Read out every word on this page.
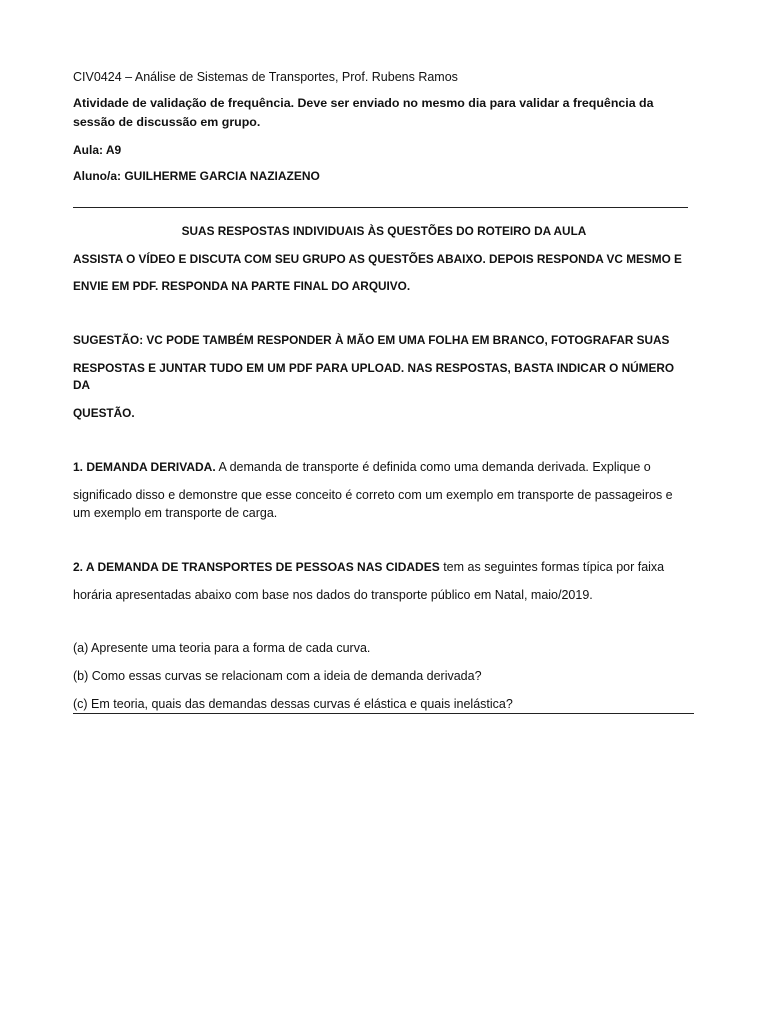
CIV0424 – Análise de Sistemas de Transportes, Prof. Rubens Ramos
Atividade de validação de frequência. Deve ser enviado no mesmo dia para validar a frequência da
sessão de discussão em grupo.
Aula: A9
Aluno/a: GUILHERME GARCIA NAZIAZENO
SUAS RESPOSTAS INDIVIDUAIS ÀS QUESTÕES DO ROTEIRO DA AULA
ASSISTA O VÍDEO E DISCUTA COM SEU GRUPO AS QUESTÕES ABAIXO. DEPOIS RESPONDA VC MESMO E
ENVIE EM PDF. RESPONDA NA PARTE FINAL DO ARQUIVO.
SUGESTÃO: VC PODE TAMBÉM RESPONDER À MÃO EM UMA FOLHA EM BRANCO, FOTOGRAFAR SUAS
RESPOSTAS E JUNTAR TUDO EM UM PDF PARA UPLOAD. NAS RESPOSTAS, BASTA INDICAR O NÚMERO
DA
QUESTÃO.
1. DEMANDA DERIVADA. A demanda de transporte é definida como uma demanda derivada. Explique o
significado disso e demonstre que esse conceito é correto com um exemplo em transporte de passageiros e
um exemplo em transporte de carga.
2. A DEMANDA DE TRANSPORTES DE PESSOAS NAS CIDADES tem as seguintes formas típica por faixa
horária apresentadas abaixo com base nos dados do transporte público em Natal, maio/2019.
(a) Apresente uma teoria para a forma de cada curva.
(b) Como essas curvas se relacionam com a ideia de demanda derivada?
(c) Em teoria, quais das demandas dessas curvas é elástica e quais inelástica?
